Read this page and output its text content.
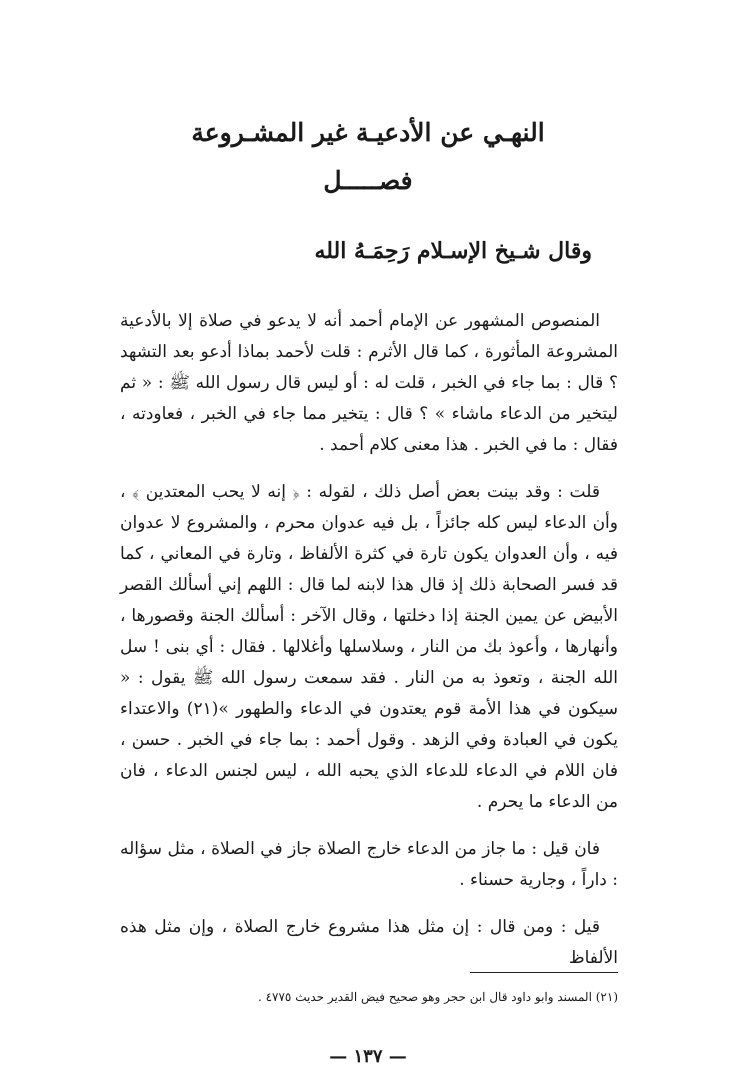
النهـي عن الأدعيـة غير المشـروعة
فصـــــل
وقال شـيخ الإسـلام رَحِمَـهُ الله

المنصوص المشهور عن الإمام أحمد أنه لا يدعو في صلاة إلا بالأدعية المشروعة المأثورة ، كما قال الأثرم : قلت لأحمد بماذا أدعو بعد التشهد ؟ قال : بما جاء في الخبر ، قلت له : أو ليس قال رسول الله ﷺ : « ثم ليتخير من الدعاء ماشاء » ؟ قال : يتخير مما جاء في الخبر ، فعاودته ، فقال : ما في الخبر . هذا معنى كلام أحمد .

قلت : وقد بينت بعض أصل ذلك ، لقوله : ﴿ إنه لا يحب المعتدين ﴾ ، وأن الدعاء ليس كله جائزاً ، بل فيه عدوان محرم ، والمشروع لا عدوان فيه ، وأن العدوان يكون تارة في كثرة الألفاظ ، وتارة في المعاني ، كما قد فسر الصحابة ذلك إذ قال هذا لابنه لما قال : اللهم إني أسألك القصر الأبيض عن يمين الجنة إذا دخلتها ، وقال الآخر : أسألك الجنة وقصورها ، وأنهارها ، وأعوذ بك من النار ، وسلاسلها وأغلالها . فقال : أي بنى ! سل الله الجنة ، وتعوذ به من النار . فقد سمعت رسول الله ﷺ يقول : « سيكون في هذا الأمة قوم يعتدون في الدعاء والطهور »(٢١) والاعتداء يكون في العبادة وفي الزهد . وقول أحمد : بما جاء في الخبر . حسن ، فان اللام في الدعاء للدعاء الذي يحبه الله ، ليس لجنس الدعاء ، فان من الدعاء ما يحرم .

فان قيل : ما جاز من الدعاء خارج الصلاة جاز في الصلاة ، مثل سؤاله : داراً ، وجارية حسناء .

قيل : ومن قال : إن مثل هذا مشروع خارج الصلاة ، وإن مثل هذه الألفاظ

(٢١) المسند وابو داود قال ابن حجر وهو صحيح فيض القدير حديث ٤٧٧٥ .

— ١٣٧ —
